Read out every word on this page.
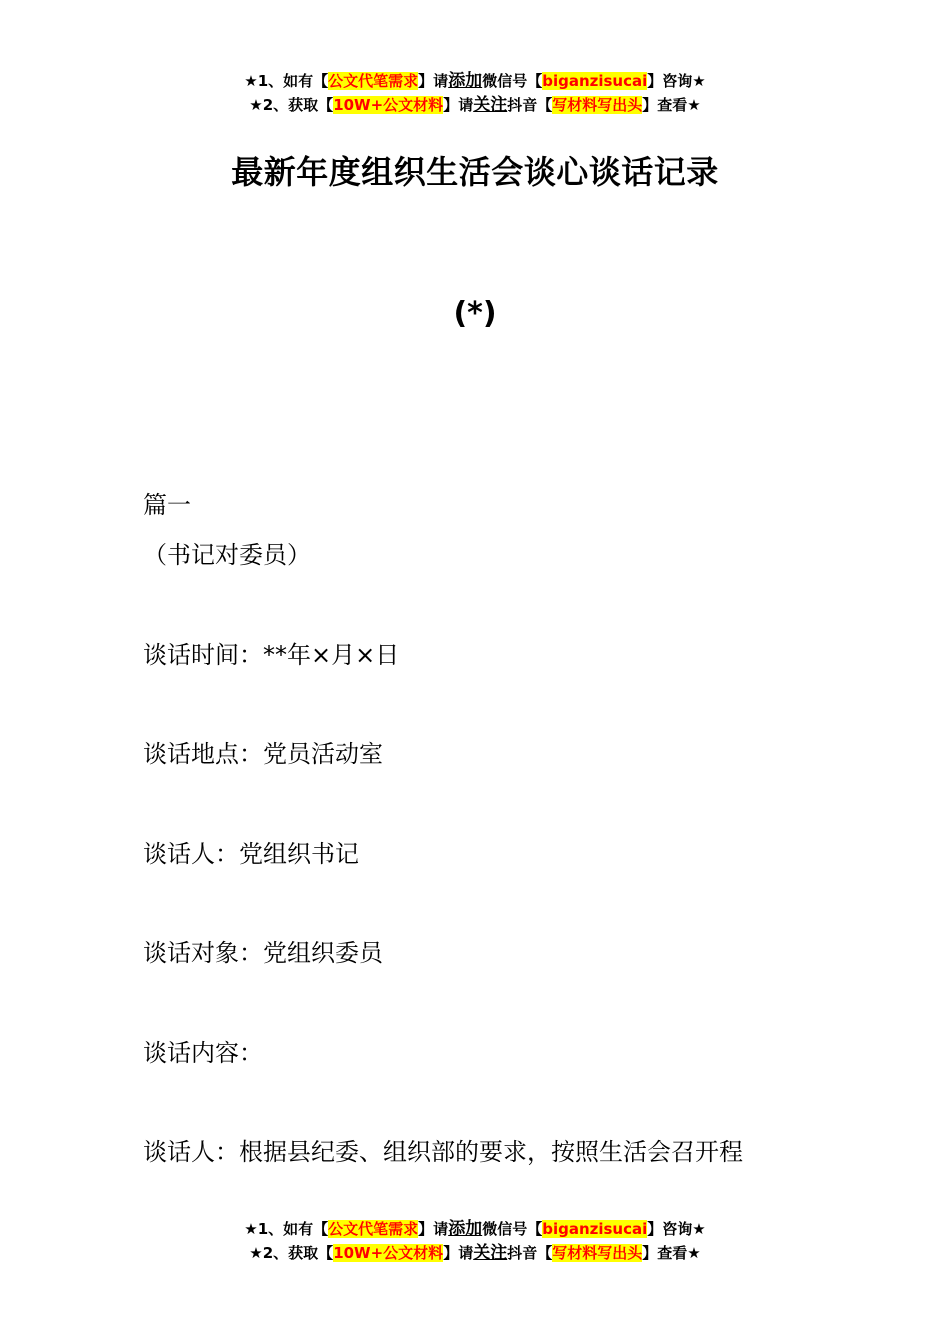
★1、如有【公文代笔需求】请添加微信号【biganzisucai】咨询★
★2、获取【10W+公文材料】请关注抖音【写材料写出头】查看★
最新年度组织生活会谈心谈话记录
(*)
篇一
（书记对委员）
谈话时间：**年×月×日
谈话地点：党员活动室
谈话人：党组织书记
谈话对象：党组织委员
谈话内容：
谈话人：根据县纪委、组织部的要求，按照生活会召开程
★1、如有【公文代笔需求】请添加微信号【biganzisucai】咨询★
★2、获取【10W+公文材料】请关注抖音【写材料写出头】查看★
